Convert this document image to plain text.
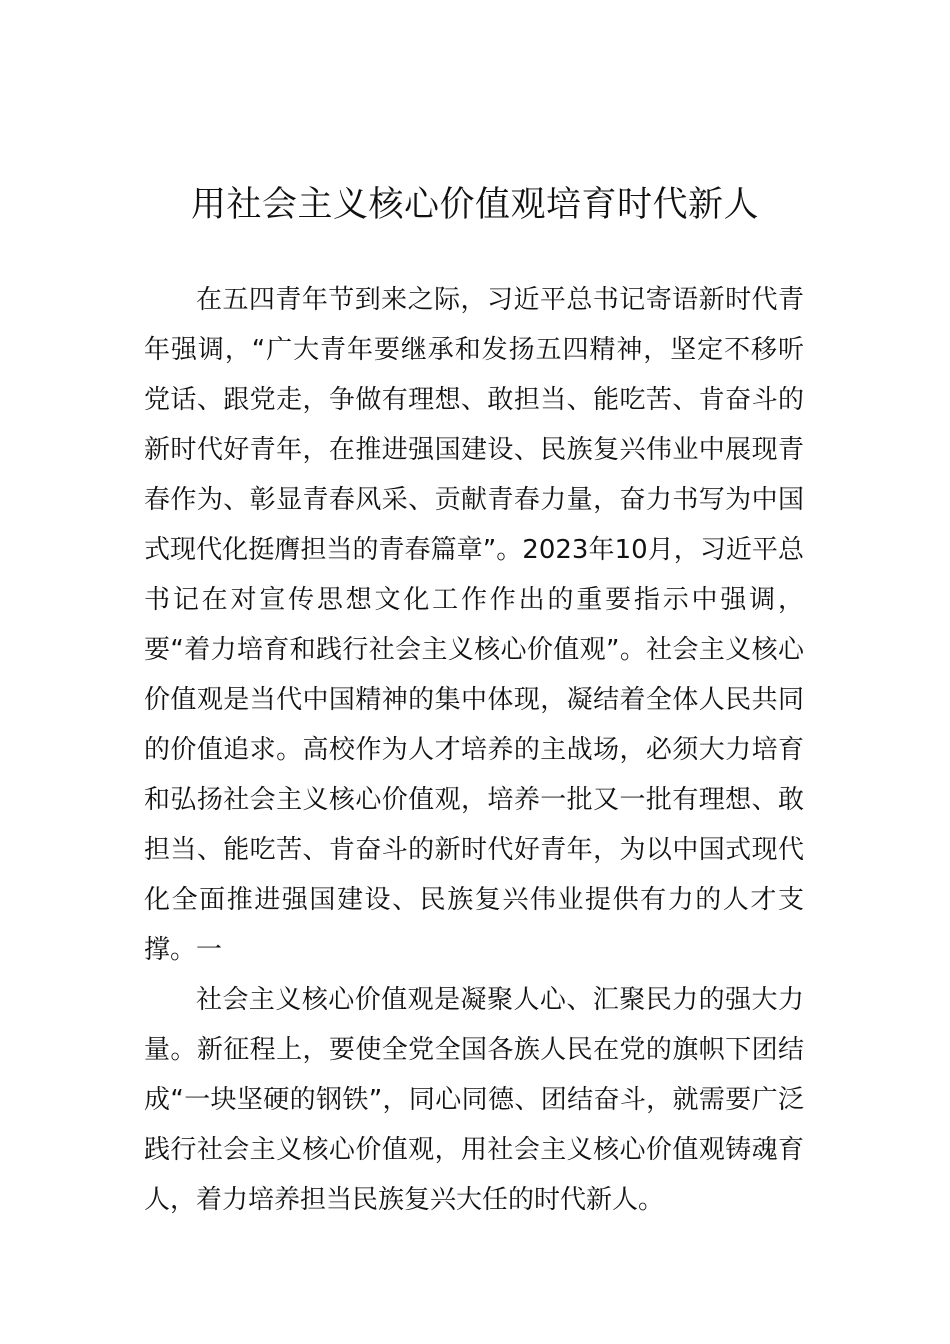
用社会主义核心价值观培育时代新人

在五四青年节到来之际，习近平总书记寄语新时代青年强调，“广大青年要继承和发扬五四精神，坚定不移听党话、跟党走，争做有理想、敢担当、能吃苦、肯奋斗的新时代好青年，在推进强国建设、民族复兴伟业中展现青春作为、彰显青春风采、贡献青春力量，奋力书写为中国式现代化挺膺担当的青春篇章”。2023年10月，习近平总书记在对宣传思想文化工作作出的重要指示中强调，要“着力培育和践行社会主义核心价值观”。社会主义核心价值观是当代中国精神的集中体现，凝结着全体人民共同的价值追求。高校作为人才培养的主战场，必须大力培育和弘扬社会主义核心价值观，培养一批又一批有理想、敢担当、能吃苦、肯奋斗的新时代好青年，为以中国式现代化全面推进强国建设、民族复兴伟业提供有力的人才支撑。 一

社会主义核心价值观是凝聚人心、汇聚民力的强大力量。新征程上，要使全党全国各族人民在党的旗帜下团结成“一块坚硬的钢铁”，同心同德、团结奋斗，就需要广泛践行社会主义核心价值观，用社会主义核心价值观铸魂育人，着力培养担当民族复兴大任的时代新人。
